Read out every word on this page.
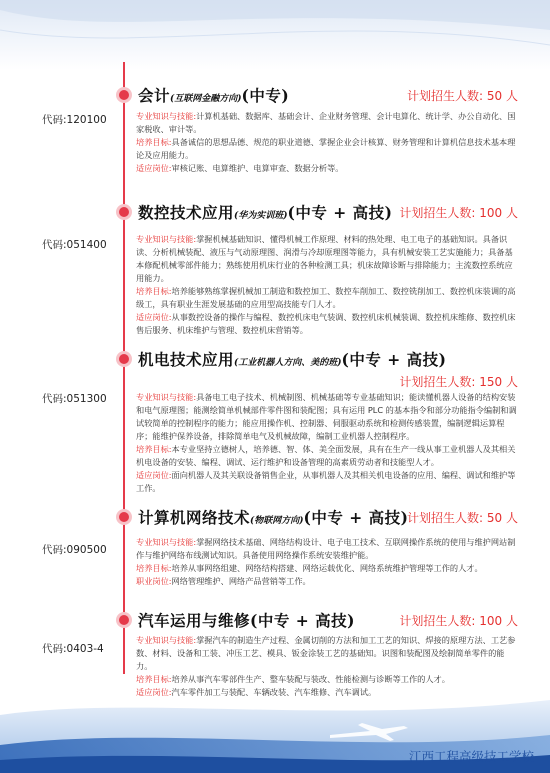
会计(互联网金融方向)(中专)	计划招生人数: 50 人
代码:120100	专业知识与技能:计算机基础、数据库、基础会计、企业财务管理、会计电算化、统计学、办公自动化、国家税收、审计等。

培养目标:具备诚信的思想品德、规范的职业道德、掌握企业会计核算、财务管理和计算机信息技术基本理论及应用能力。

适应岗位:审核记账、电算维护、电算审查、数据分析等。

数控技术应用(华为实训班)(中专 + 高技) 计划招生人数: 100 人
代码:051400	专业知识与技能:掌握机械基础知识、懂得机械工作原理、材料的热处理、电工电子的基础知识。具备识读、分析机械装配、液压与气动原理图、润滑与冷却原理图等能力，具有机械安装工艺实施能力；具备基本修配机械零部件能力；熟练使用机床行业的各种检测工具；机床故障诊断与排除能力；主流数控系统应用能力。

培养目标:培养能够熟练掌握机械加工制造和数控加工、数控车削加工、数控铣削加工、数控机床装调的高级工，具有职业生涯发展基础的应用型高技能专门人才。

适应岗位:从事数控设备的操作与编程、数控机床电气装调、数控机床机械装调、数控机床维修、数控机床售后服务、机床维护与管理、数控机床营销等。

机电技术应用(工业机器人方向、美的班)(中专 + 高技)
计划招生人数: 150 人
代码:051300	专业知识与技能:具备电工电子技术、机械制图、机械基础等专业基础知识；能读懂机器人设备的结构安装和电气原理图；能测绘简单机械部件零件图和装配图；具有运用 PLC 的基本指令和部分功能指令编制和调试较简单的控制程序的能力；能应用操作机、控制器、伺服驱动系统和检测传感装置，编制逻辑运算程序；能维护保养设备，排除简单电气及机械故障，编制工业机器人控制程序。

培养目标:本专业坚持立德树人，培养德、智、体、美全面发展，具有在生产一线从事工业机器人及其相关机电设备的安装、编程、调试、运行维护和设备管理的高素质劳动者和技能型人才。

适应岗位:面向机器人及其关联设备销售企业，从事机器人及其相关机电设备的应用、编程、调试和维护等工作。

计算机网络技术(物联网方向)(中专 + 高技)
计划招生人数: 50 人
代码:090500

专业知识与技能:掌握网络技术基础、网络结构设计、电子电工技术、互联网操作系统的使用与维护网站制作与维护网络布线测试知识。具备使用网络操作系统安装维护能。

培养目标:培养从事网络组建、网络结构搭建、网络运载优化、网络系统维护管理等工作的人才。

职业岗位:网络管理维护、网络产品营销等工作。

汽车运用与维修(中专 + 高技)	计划招生人数: 100 人
代码:0403-4

专业知识与技能:掌握汽车的制造生产过程、金属切削的方法和加工工艺的知识、焊接的原理方法、工艺参数、材料、设备和工装、冲压工艺、模具、钣金涂装工艺的基础知。识图和装配图及绘制简单零件的能力。

培养目标:培养从事汽车零部件生产、整车装配与装改、性能检测与诊断等工作的人才。

适应岗位:汽车零件加工与装配、车辆改装、汽车维修、汽车调试。

江西工程高级技工学校
